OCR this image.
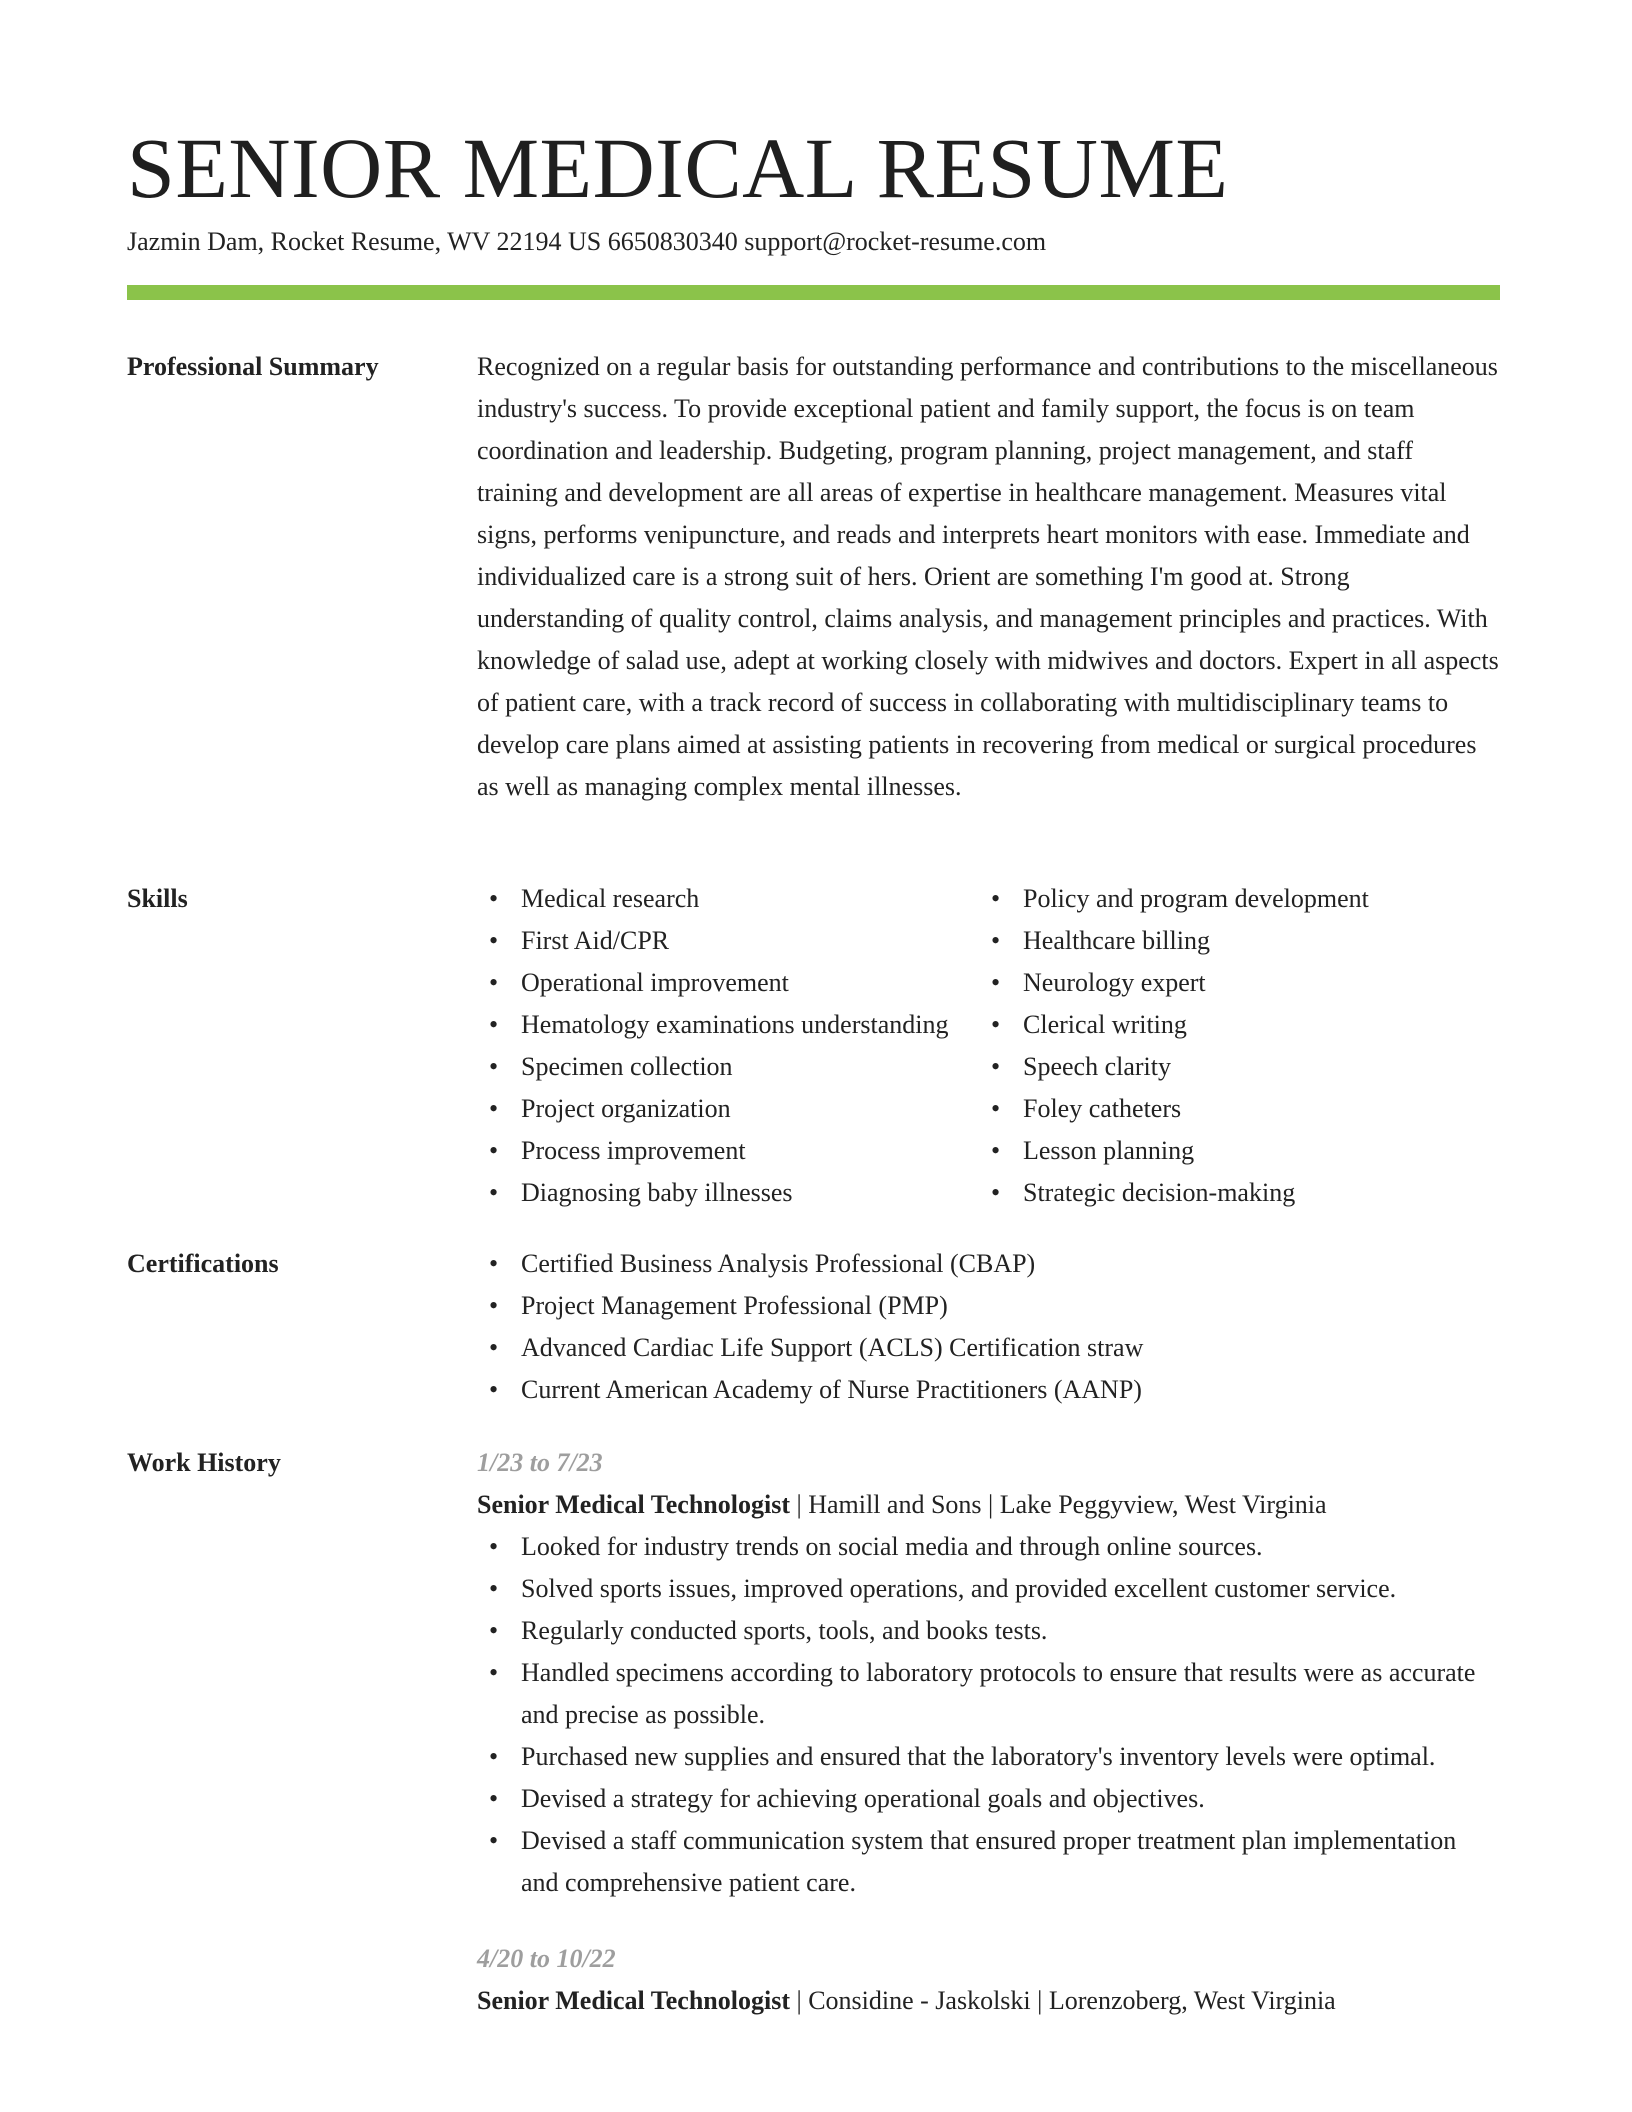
SENIOR MEDICAL RESUME
Jazmin Dam, Rocket Resume, WV 22194 US 6650830340 support@rocket-resume.com
Professional Summary	Recognized on a regular basis for outstanding performance and contributions to the miscellaneous industry's success. To provide exceptional patient and family support, the focus is on team coordination and leadership. Budgeting, program planning, project management, and staff training and development are all areas of expertise in healthcare management. Measures vital signs, performs venipuncture, and reads and interprets heart monitors with ease. Immediate and individualized care is a strong suit of hers. Orient are something I'm good at. Strong understanding of quality control, claims analysis, and management principles and practices. With knowledge of salad use, adept at working closely with midwives and doctors. Expert in all aspects of patient care, with a track record of success in collaborating with multidisciplinary teams to develop care plans aimed at assisting patients in recovering from medical or surgical procedures as well as managing complex mental illnesses.

Skills	• Medical research
• First Aid/CPR
• Operational improvement
• Hematology examinations understanding
• Specimen collection
• Project organization
• Process improvement
• Diagnosing baby illnesses
• Policy and program development
• Healthcare billing
• Neurology expert
• Clerical writing
• Speech clarity
• Foley catheters
• Lesson planning
• Strategic decision-making
Certifications	• Certified Business Analysis Professional (CBAP)
• Project Management Professional (PMP)
• Advanced Cardiac Life Support (ACLS) Certification straw
• Current American Academy of Nurse Practitioners (AANP)
Work History	1/23 to 7/23
Senior Medical Technologist | Hamill and Sons | Lake Peggyview, West Virginia
• Looked for industry trends on social media and through online sources.
• Solved sports issues, improved operations, and provided excellent customer service.
• Regularly conducted sports, tools, and books tests.
• Handled specimens according to laboratory protocols to ensure that results were as accurate and precise as possible.
• Purchased new supplies and ensured that the laboratory's inventory levels were optimal.
• Devised a strategy for achieving operational goals and objectives.
• Devised a staff communication system that ensured proper treatment plan implementation and comprehensive patient care.
4/20 to 10/22
Senior Medical Technologist | Considine - Jaskolski | Lorenzoberg, West Virginia
